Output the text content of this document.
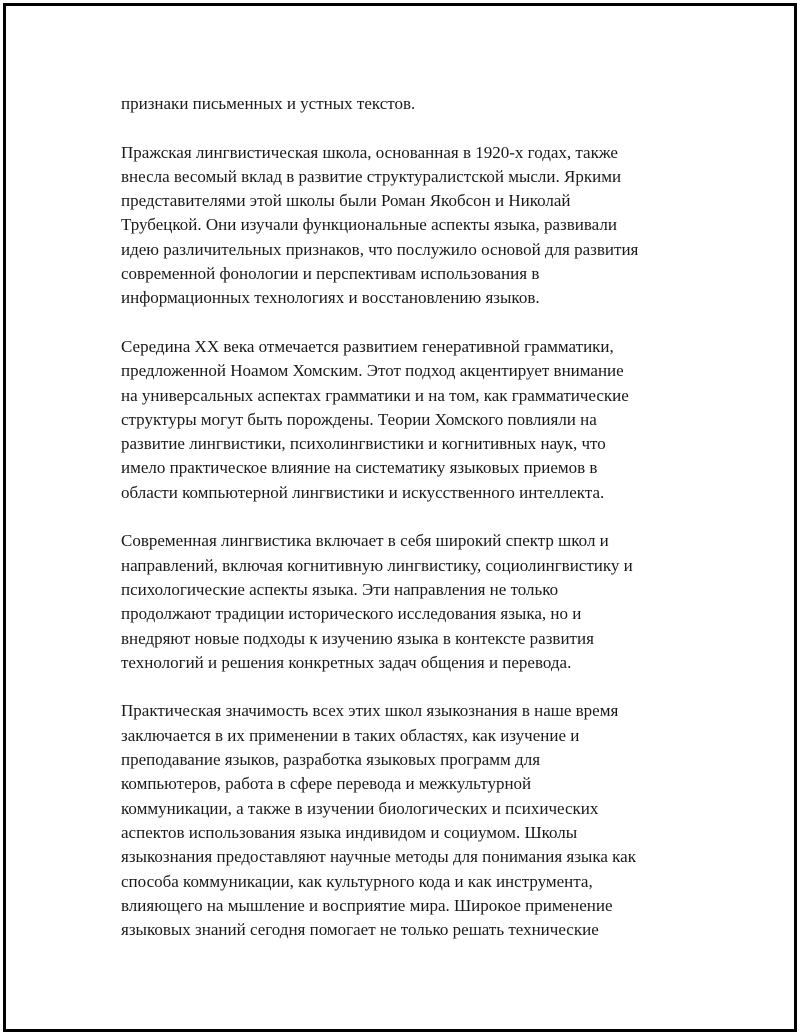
признаки письменных и устных текстов.

Пражская лингвистическая школа, основанная в 1920-х годах, также
внесла весомый вклад в развитие структуралистской мысли. Яркими
представителями этой школы были Роман Якобсон и Николай
Трубецкой. Они изучали функциональные аспекты языка, развивали
идею различительных признаков, что послужило основой для развития
современной фонологии и перспективам использования в
информационных технологиях и восстановлению языков.

Середина XX века отмечается развитием генеративной грамматики,
предложенной Ноамом Хомским. Этот подход акцентирует внимание
на универсальных аспектах грамматики и на том, как грамматические
структуры могут быть порождены. Теории Хомского повлияли на
развитие лингвистики, психолингвистики и когнитивных наук, что
имело практическое влияние на систематику языковых приемов в
области компьютерной лингвистики и искусственного интеллекта.

Современная лингвистика включает в себя широкий спектр школ и
направлений, включая когнитивную лингвистику, социолингвистику и
психологические аспекты языка. Эти направления не только
продолжают традиции исторического исследования языка, но и
внедряют новые подходы к изучению языка в контексте развития
технологий и решения конкретных задач общения и перевода.

Практическая значимость всех этих школ языкознания в наше время
заключается в их применении в таких областях, как изучение и
преподавание языков, разработка языковых программ для
компьютеров, работа в сфере перевода и межкультурной
коммуникации, а также в изучении биологических и психических
аспектов использования языка индивидом и социумом. Школы
языкознания предоставляют научные методы для понимания языка как
способа коммуникации, как культурного кода и как инструмента,
влияющего на мышление и восприятие мира. Широкое применение
языковых знаний сегодня помогает не только решать технические
